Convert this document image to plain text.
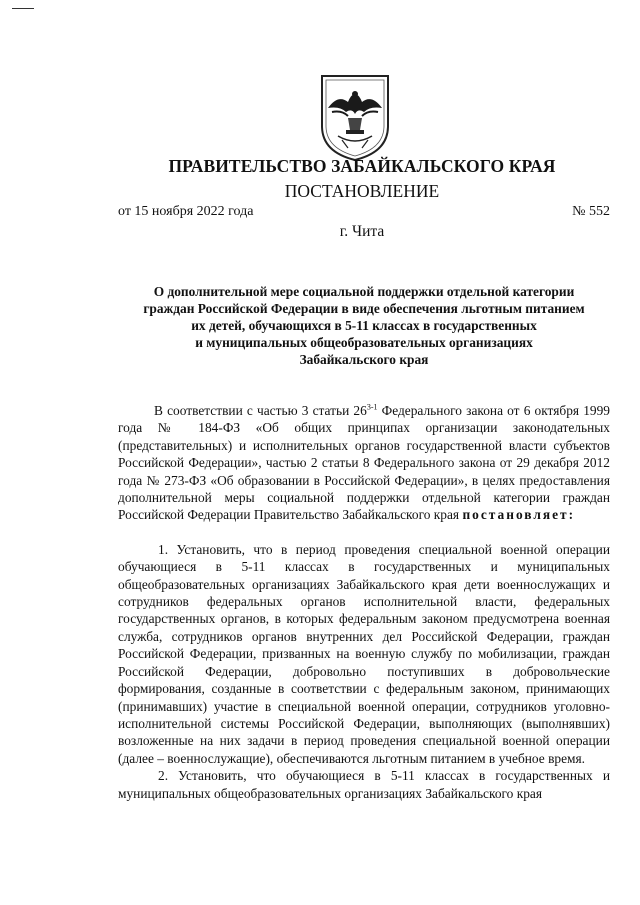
ПРАВИТЕЛЬСТВО ЗАБАЙКАЛЬСКОГО КРАЯ
ПОСТАНОВЛЕНИЕ
от 15 ноября 2022 года	№ 552
г. Чита
О дополнительной мере социальной поддержки отдельной категории
граждан Российской Федерации в виде обеспечения льготным питанием
их детей, обучающихся в 5-11 классах в государственных
и муниципальных общеобразовательных организациях
Забайкальского края

В соответствии с частью 3 статьи 26$^{3-1}$ Федерального закона от 6 октября 1999 года № 184-ФЗ «Об общих принципах организации законодательных (представительных) и исполнительных органов государственной власти субъектов Российской Федерации», частью 2 статьи 8 Федерального закона от 29 декабря 2012 года № 273-ФЗ «Об образовании в Российской Федерации», в целях предоставления дополнительной меры социальной поддержки отдельной категории граждан Российской Федерации Правительство Забайкальского края постановляет:

1. Установить, что в период проведения специальной военной операции обучающиеся в 5-11 классах в государственных и муниципальных общеобразовательных организациях Забайкальского края дети военнослужащих и сотрудников федеральных органов исполнительной власти, федеральных государственных органов, в которых федеральным законом предусмотрена военная служба, сотрудников органов внутренних дел Российской Федерации, граждан Российской Федерации, призванных на военную службу по мобилизации, граждан Российской Федерации, добровольно поступивших в добровольческие формирования, созданные в соответствии с федеральным законом, принимающих (принимавших) участие в специальной военной операции, сотрудников уголовно-исполнительной системы Российской Федерации, выполняющих (выполнявших) возложенные на них задачи в период проведения специальной военной операции (далее – военнослужащие), обеспечиваются льготным питанием в учебное время.

2. Установить, что обучающиеся в 5-11 классах в государственных и муниципальных общеобразовательных организациях Забайкальского края
